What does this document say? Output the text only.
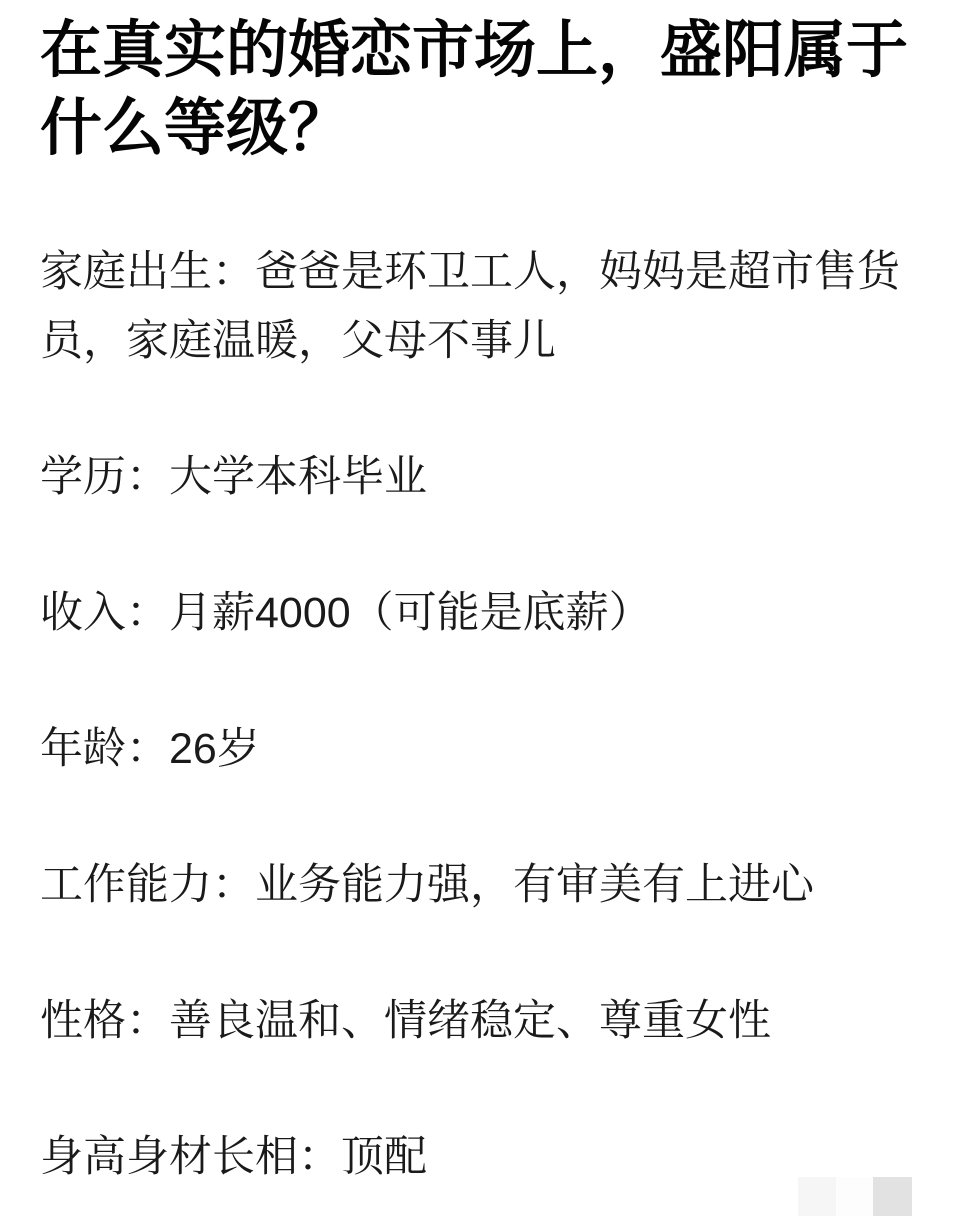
在真实的婚恋市场上，盛阳属于什么等级？

家庭出生：爸爸是环卫工人，妈妈是超市售货员，家庭温暖，父母不事儿

学历：大学本科毕业

收入：月薪4000（可能是底薪）

年龄：26岁

工作能力：业务能力强，有审美有上进心

性格：善良温和、情绪稳定、尊重女性

身高身材长相：顶配
